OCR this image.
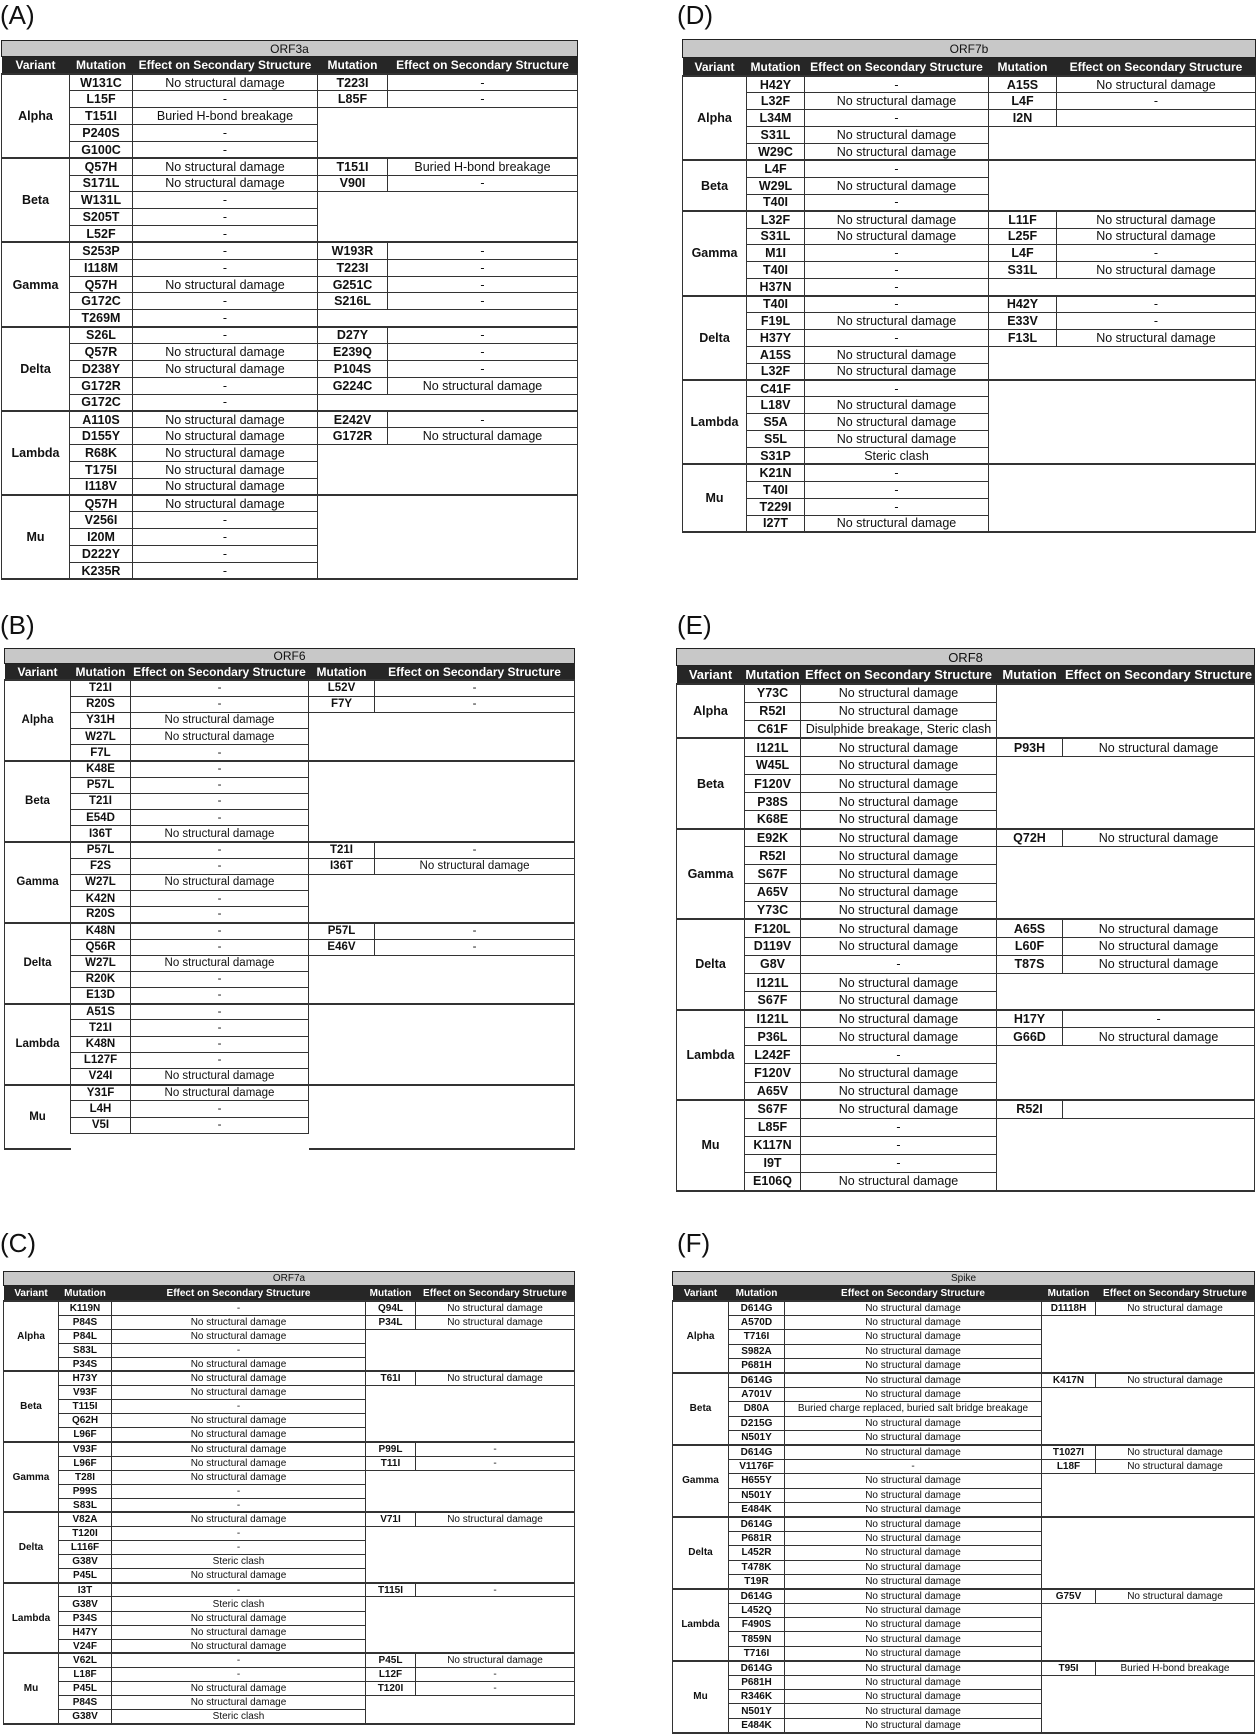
(A)
ORF3a				
Variant	Mutation	Effect on Secondary Structure	Mutation	Effect on Secondary Structure
Alpha	W131C	No structural damage	T223I	-
	L15F	-	L85F	-
	T151I	Buried H-bond breakage		
	P240S	-		
	G100C	-		
Beta	Q57H	No structural damage	T151I	Buried H-bond breakage
	S171L	No structural damage	V90I	-
	W131L	-		
	S205T	-		
	L52F	-		
Gamma	S253P	-	W193R	-
	I118M	-	T223I	-
	Q57H	No structural damage	G251C	-
	G172C	-	S216L	-
	T269M	-		
Delta	S26L	-	D27Y	-
	Q57R	No structural damage	E239Q	-
	D238Y	No structural damage	P104S	-
	G172R	-	G224C	No structural damage
	G172C	-		
Lambda	A110S	No structural damage	E242V	-
	D155Y	No structural damage	G172R	No structural damage
	R68K	No structural damage		
	T175I	No structural damage		
	I118V	No structural damage		
Mu	Q57H	No structural damage		
	V256I	-		
	I20M	-		
	D222Y	-		
	K235R	-		
(B)
ORF6				
Variant	Mutation	Effect on Secondary Structure	Mutation	Effect on Secondary Structure
Alpha	T21I	-	L52V	-
	R20S	-	F7Y	-
	Y31H	No structural damage		
	W27L	No structural damage		
	F7L	-		
Beta	K48E	-		
	P57L	-		
	T21I	-		
	E54D	-		
	I36T	No structural damage		
Gamma	P57L	-	T21I	-
	F2S	-	I36T	No structural damage
	W27L	No structural damage		
	K42N	-		
	R20S	-		
Delta	K48N	-	P57L	-
	Q56R	-	E46V	-
	W27L	No structural damage		
	R20K	-		
	E13D	-		
Lambda	A51S	-		
	T21I	-		
	K48N	-		
	L127F	-		
	V24I	No structural damage		
Mu	Y31F	No structural damage		
	L4H	-		
	V5I	-		

(C)
ORF7a				
Variant	Mutation	Effect on Secondary Structure	Mutation	Effect on Secondary Structure
Alpha	K119N	-	Q94L	No structural damage
	P84S	No structural damage	P34L	No structural damage
	P84L	No structural damage		
	S83L	-		
	P34S	No structural damage		
Beta	H73Y	No structural damage	T61I	No structural damage
	V93F	No structural damage		
	T115I	-		
	Q62H	No structural damage		
	L96F	No structural damage		
Gamma	V93F	No structural damage	P99L	-
	L96F	No structural damage	T11I	-
	T28I	No structural damage		
	P99S	-		
	S83L	-		
Delta	V82A	No structural damage	V71I	No structural damage
	T120I	-		
	L116F	-		
	G38V	Steric clash		
	P45L	No structural damage		
Lambda	I3T	-	T115I	-
	G38V	Steric clash		
	P34S	No structural damage		
	H47Y	No structural damage		
	V24F	No structural damage		
Mu	V62L	-	P45L	No structural damage
	L18F	-	L12F	-
	P45L	No structural damage	T120I	-
	P84S	No structural damage		
	G38V	Steric clash		
(D)
ORF7b				
Variant	Mutation	Effect on Secondary Structure	Mutation	Effect on Secondary Structure
Alpha	H42Y	-	A15S	No structural damage
	L32F	No structural damage	L4F	-
	L34M	-	I2N	
	S31L	No structural damage		
	W29C	No structural damage		
Beta	L4F	-		
	W29L	No structural damage		
	T40I	-		
Gamma	L32F	No structural damage	L11F	No structural damage
	S31L	No structural damage	L25F	No structural damage
	M1I	-	L4F	-
	T40I	-	S31L	No structural damage
	H37N	-		
Delta	T40I	-	H42Y	-
	F19L	No structural damage	E33V	-
	H37Y	-	F13L	No structural damage
	A15S	No structural damage		
	L32F	No structural damage		
Lambda	C41F	-		
	L18V	No structural damage		
	S5A	No structural damage		
	S5L	No structural damage		
	S31P	Steric clash		
Mu	K21N	-		
	T40I	-		
	T229I	-		
	I27T	No structural damage		
(E)
ORF8				
Variant	Mutation	Effect on Secondary Structure	Mutation	Effect on Secondary Structure
Alpha	Y73C	No structural damage		
	R52I	No structural damage		
	C61F	Disulphide breakage, Steric clash		
Beta	I121L	No structural damage	P93H	No structural damage
	W45L	No structural damage		
	F120V	No structural damage		
	P38S	No structural damage		
	K68E	No structural damage		
Gamma	E92K	No structural damage	Q72H	No structural damage
	R52I	No structural damage		
	S67F	No structural damage		
	A65V	No structural damage		
	Y73C	No structural damage		
Delta	F120L	No structural damage	A65S	No structural damage
	D119V	No structural damage	L60F	No structural damage
	G8V	-	T87S	No structural damage
	I121L	No structural damage		
	S67F	No structural damage		
Lambda	I121L	No structural damage	H17Y	-
	P36L	No structural damage	G66D	No structural damage
	L242F	-		
	F120V	No structural damage		
	A65V	No structural damage		
Mu	S67F	No structural damage	R52I	
	L85F	-		
	K117N	-		
	I9T	-		
	E106Q	No structural damage		
(F)
Spike				
Variant	Mutation	Effect on Secondary Structure	Mutation	Effect on Secondary Structure
Alpha	D614G	No structural damage	D1118H	No structural damage
	A570D	No structural damage		
	T716I	No structural damage		
	S982A	No structural damage		
	P681H	No structural damage		
Beta	D614G	No structural damage	K417N	No structural damage
	A701V	No structural damage		
	D80A	Buried charge replaced, buried salt bridge breakage		
	D215G	No structural damage		
	N501Y	No structural damage		
Gamma	D614G	No structural damage	T1027I	No structural damage
	V1176F	-	L18F	No structural damage
	H655Y	No structural damage		
	N501Y	No structural damage		
	E484K	No structural damage		
Delta	D614G	No structural damage		
	P681R	No structural damage		
	L452R	No structural damage		
	T478K	No structural damage		
	T19R	No structural damage		
Lambda	D614G	No structural damage	G75V	No structural damage
	L452Q	No structural damage		
	F490S	No structural damage		
	T859N	No structural damage		
	T716I	No structural damage		
Mu	D614G	No structural damage	T95I	Buried H-bond breakage
	P681H	No structural damage		
	R346K	No structural damage		
	N501Y	No structural damage		
	E484K	No structural damage		
